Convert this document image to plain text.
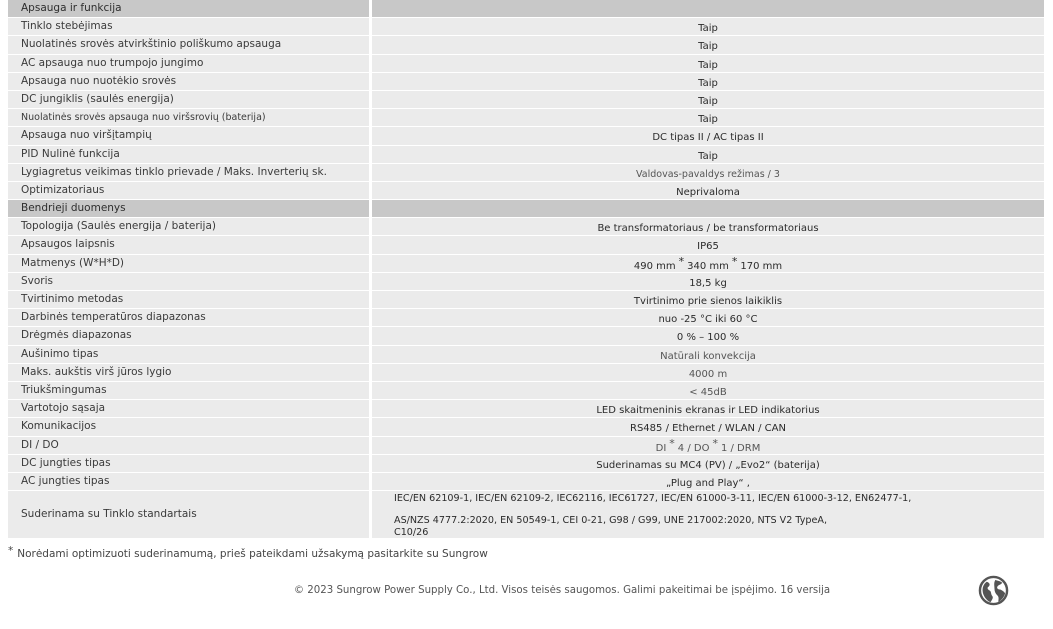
Apsauga ir funkcija
Tinklo stebėjimas	Taip
Nuolatinės srovės atvirkštinio poliškumo apsauga	Taip
AC apsauga nuo trumpojo jungimo	Taip
Apsauga nuo nuotėkio srovės	Taip
DC jungiklis (saulės energija)	Taip
Nuolatinės srovės apsauga nuo viršsrovių (baterija)	Taip
Apsauga nuo viršįtampių	DC tipas II / AC tipas II
PID Nulinė funkcija	Taip
Lygiagretus veikimas tinklo prievade / Maks. Inverterių sk.	Valdovas-pavaldys režimas / 3
Optimizatoriaus	Neprivaloma
Bendrieji duomenys
Topologija (Saulės energija / baterija)	Be transformatoriaus / be transformatoriaus
Apsaugos laipsnis	IP65
Matmenys (W*H*D)	490 mm * 340 mm * 170 mm
Svoris	18,5 kg
Tvirtinimo metodas	Tvirtinimo prie sienos laikiklis
Darbinės temperatūros diapazonas	nuo -25 °C iki 60 °C
Drėgmės diapazonas	0 % – 100 %
Aušinimo tipas	Natūrali konvekcija
Maks. aukštis virš jūros lygio	4000 m
Triukšmingumas	< 45dB
Vartotojo sąsaja	LED skaitmeninis ekranas ir LED indikatorius
Komunikacijos	RS485 / Ethernet / WLAN / CAN
DI / DO	DI * 4 / DO * 1 / DRM
DC jungties tipas	Suderinamas su MC4 (PV) / „Evo2“ (baterija)
AC jungties tipas	„Plug and Play“ ,
Suderinama su Tinklo standartais
IEC/EN 62109-1, IEC/EN 62109-2, IEC62116, IEC61727, IEC/EN 61000-3-11, IEC/EN 61000-3-12, EN62477-1,
AS/NZS 4777.2:2020, EN 50549-1, CEI 0-21, G98 / G99, UNE 217002:2020, NTS V2 TypeA,
C10/26
* Norėdami optimizuoti suderinamumą, prieš pateikdami užsakymą pasitarkite su Sungrow
© 2023 Sungrow Power Supply Co., Ltd. Visos teisės saugomos. Galimi pakeitimai be įspėjimo. 16 versija
